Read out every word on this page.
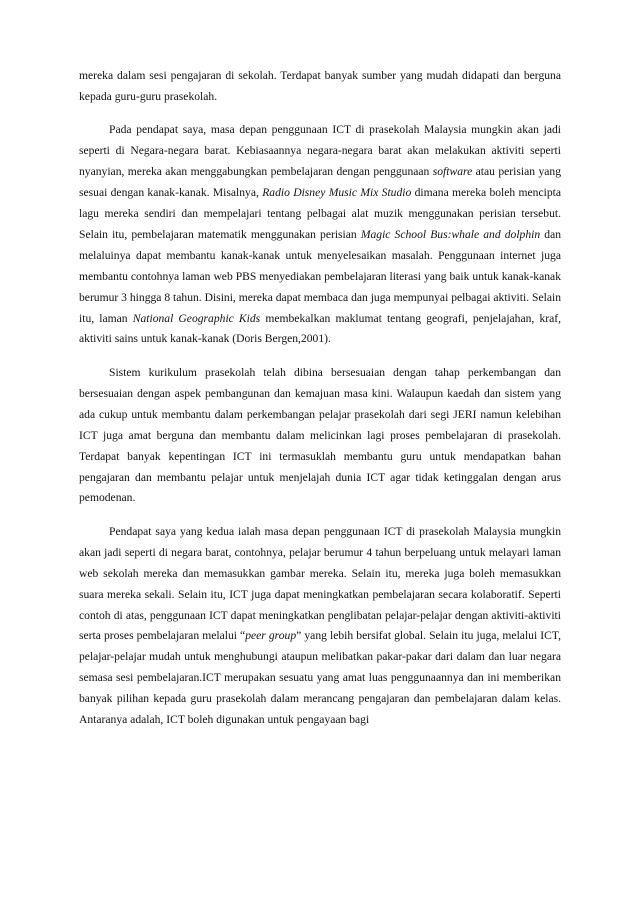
mereka dalam sesi pengajaran di sekolah. Terdapat banyak sumber yang mudah didapati dan berguna kepada guru-guru prasekolah.

Pada pendapat saya, masa depan penggunaan ICT di prasekolah Malaysia mungkin akan jadi seperti di Negara-negara barat. Kebiasaannya negara-negara barat akan melakukan aktiviti seperti nyanyian, mereka akan menggabungkan pembelajaran dengan penggunaan software atau perisian yang sesuai dengan kanak-kanak. Misalnya, Radio Disney Music Mix Studio dimana mereka boleh mencipta lagu mereka sendiri dan mempelajari tentang pelbagai alat muzik menggunakan perisian tersebut. Selain itu, pembelajaran matematik menggunakan perisian Magic School Bus:whale and dolphin dan melaluinya dapat membantu kanak-kanak untuk menyelesaikan masalah. Penggunaan internet juga membantu contohnya laman web PBS menyediakan pembelajaran literasi yang baik untuk kanak-kanak berumur 3 hingga 8 tahun. Disini, mereka dapat membaca dan juga mempunyai pelbagai aktiviti. Selain itu, laman National Geographic Kids membekalkan maklumat tentang geografi, penjelajahan, kraf, aktiviti sains untuk kanak-kanak (Doris Bergen,2001).

Sistem kurikulum prasekolah telah dibina bersesuaian dengan tahap perkembangan dan bersesuaian dengan aspek pembangunan dan kemajuan masa kini. Walaupun kaedah dan sistem yang ada cukup untuk membantu dalam perkembangan pelajar prasekolah dari segi JERI namun kelebihan ICT juga amat berguna dan membantu dalam melicinkan lagi proses pembelajaran di prasekolah. Terdapat banyak kepentingan ICT ini termasuklah membantu guru untuk mendapatkan bahan pengajaran dan membantu pelajar untuk menjelajah dunia ICT agar tidak ketinggalan dengan arus pemodenan.

Pendapat saya yang kedua ialah masa depan penggunaan ICT di prasekolah Malaysia mungkin akan jadi seperti di negara barat, contohnya, pelajar berumur 4 tahun berpeluang untuk melayari laman web sekolah mereka dan memasukkan gambar mereka. Selain itu, mereka juga boleh memasukkan suara mereka sekali. Selain itu, ICT juga dapat meningkatkan pembelajaran secara kolaboratif. Seperti contoh di atas, penggunaan ICT dapat meningkatkan penglibatan pelajar-pelajar dengan aktiviti-aktiviti serta proses pembelajaran melalui “peer group” yang lebih bersifat global. Selain itu juga, melalui ICT, pelajar-pelajar mudah untuk menghubungi ataupun melibatkan pakar-pakar dari dalam dan luar negara semasa sesi pembelajaran.ICT merupakan sesuatu yang amat luas penggunaannya dan ini memberikan banyak pilihan kepada guru prasekolah dalam merancang pengajaran dan pembelajaran dalam kelas. Antaranya adalah, ICT boleh digunakan untuk pengayaan bagi
